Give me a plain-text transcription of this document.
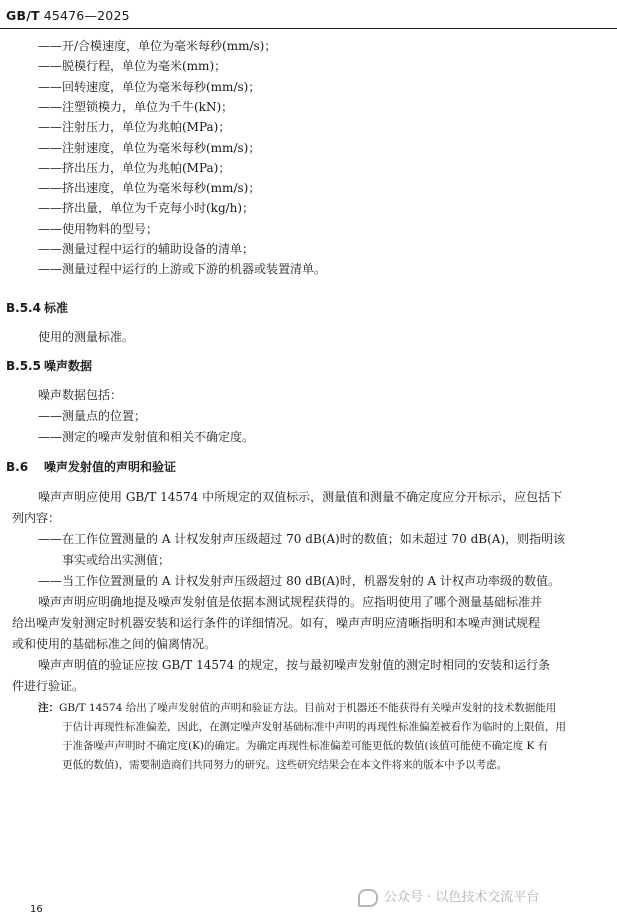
GB/T 45476—2025
——开/合模速度，单位为毫米每秒(mm/s)；
——脱模行程，单位为毫米(mm)；
——回转速度，单位为毫米每秒(mm/s)；
——注塑锁模力，单位为千牛(kN)；
——注射压力，单位为兆帕(MPa)；
——注射速度，单位为毫米每秒(mm/s)；
——挤出压力，单位为兆帕(MPa)；
——挤出速度，单位为毫米每秒(mm/s)；
——挤出量，单位为千克每小时(kg/h)；
——使用物料的型号；
——测量过程中运行的辅助设备的清单；
——测量过程中运行的上游或下游的机器或装置清单。
B.5.4 标准
使用的测量标准。
B.5.5 噪声数据
噪声数据包括：
——测量点的位置；
——测定的噪声发射值和相关不确定度。
B.6 噪声发射值的声明和验证
噪声声明应使用 GB/T 14574 中所规定的双值标示，测量值和测量不确定度应分开标示，应包括下
列内容：
——在工作位置测量的 A 计权发射声压级超过 70 dB(A)时的数值；如未超过 70 dB(A)，则指明该
事实或给出实测值；
——当工作位置测量的 A 计权发射声压级超过 80 dB(A)时，机器发射的 A 计权声功率级的数值。
噪声声明应明确地提及噪声发射值是依据本测试规程获得的。应指明使用了哪个测量基础标准并
给出噪声发射测定时机器安装和运行条件的详细情况。如有，噪声声明应清晰指明和本噪声测试规程
或和使用的基础标准之间的偏离情况。
噪声声明值的验证应按 GB/T 14574 的规定，按与最初噪声发射值的测定时相同的安装和运行条
件进行验证。
注：GB/T 14574 给出了噪声发射值的声明和验证方法。目前对于机器还不能获得有关噪声发射的技术数据能用
于估计再现性标准偏差，因此，在测定噪声发射基础标准中声明的再现性标准偏差被看作为临时的上限值，用
于准备噪声声明时不确定度(K)的确定。为确定再现性标准偏差可能更低的数值(该值可能使不确定度 K 有
更低的数值)，需要制造商们共同努力的研究。这些研究结果会在本文件将来的版本中予以考虑。
公众号 · 以色技术交流平台
16
